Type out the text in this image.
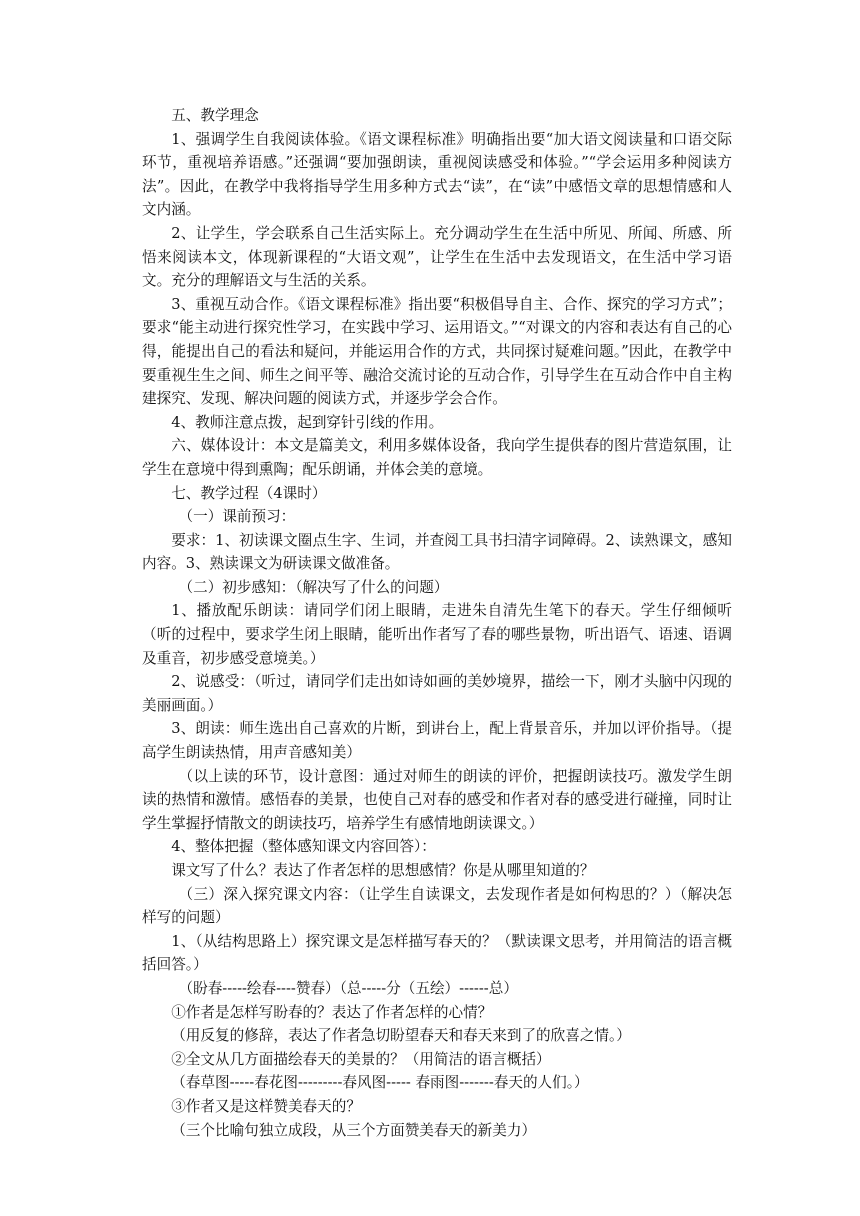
五、教学理念

1、强调学生自我阅读体验。《语文课程标准》明确指出要“加大语文阅读量和口语交际环节，重视培养语感。”还强调“要加强朗读，重视阅读感受和体验。”“学会运用多种阅读方法”。因此，在教学中我将指导学生用多种方式去“读”，在“读”中感悟文章的思想情感和人文内涵。

2、让学生，学会联系自己生活实际上。充分调动学生在生活中所见、所闻、所感、所悟来阅读本文，体现新课程的“大语文观”，让学生在生活中去发现语文，在生活中学习语文。充分的理解语文与生活的关系。

3、重视互动合作。《语文课程标准》指出要“积极倡导自主、合作、探究的学习方式”；要求“能主动进行探究性学习，在实践中学习、运用语文。”“对课文的内容和表达有自己的心得，能提出自己的看法和疑问，并能运用合作的方式，共同探讨疑难问题。”因此，在教学中要重视生生之间、师生之间平等、融洽交流讨论的互动合作，引导学生在互动合作中自主构建探究、发现、解决问题的阅读方式，并逐步学会合作。

4、教师注意点拨，起到穿针引线的作用。

六、媒体设计：本文是篇美文，利用多媒体设备，我向学生提供春的图片营造氛围，让学生在意境中得到熏陶；配乐朗诵，并体会美的意境。

七、教学过程（4课时）

（一）课前预习：

要求：1、初读课文圈点生字、生词，并查阅工具书扫清字词障碍。2、读熟课文，感知内容。3、熟读课文为研读课文做准备。

（二）初步感知：（解决写了什么的问题）

1、播放配乐朗读：请同学们闭上眼睛，走进朱自清先生笔下的春天。学生仔细倾听（听的过程中，要求学生闭上眼睛，能听出作者写了春的哪些景物，听出语气、语速、语调及重音，初步感受意境美。）

2、说感受：（听过，请同学们走出如诗如画的美妙境界，描绘一下，刚才头脑中闪现的美丽画面。）

3、朗读：师生选出自己喜欢的片断，到讲台上，配上背景音乐，并加以评价指导。（提高学生朗读热情，用声音感知美）

（以上读的环节，设计意图：通过对师生的朗读的评价，把握朗读技巧。激发学生朗读的热情和激情。感悟春的美景，也使自己对春的感受和作者对春的感受进行碰撞，同时让学生掌握抒情散文的朗读技巧，培养学生有感情地朗读课文。）

4、整体把握（整体感知课文内容回答）：

课文写了什么？表达了作者怎样的思想感情？你是从哪里知道的？

（三）深入探究课文内容：（让学生自读课文，去发现作者是如何构思的？）（解决怎样写的问题）

1、（从结构思路上）探究课文是怎样描写春天的？（默读课文思考，并用简洁的语言概括回答。）

（盼春-----绘春----赞春）（总-----分（五绘）------总）

①作者是怎样写盼春的？表达了作者怎样的心情？

（用反复的修辞，表达了作者急切盼望春天和春天来到了的欣喜之情。）

②全文从几方面描绘春天的美景的？（用简洁的语言概括）

（春草图-----春花图---------春风图----- 春雨图-------春天的人们。）

③作者又是这样赞美春天的？

（三个比喻句独立成段，从三个方面赞美春天的新美力）
